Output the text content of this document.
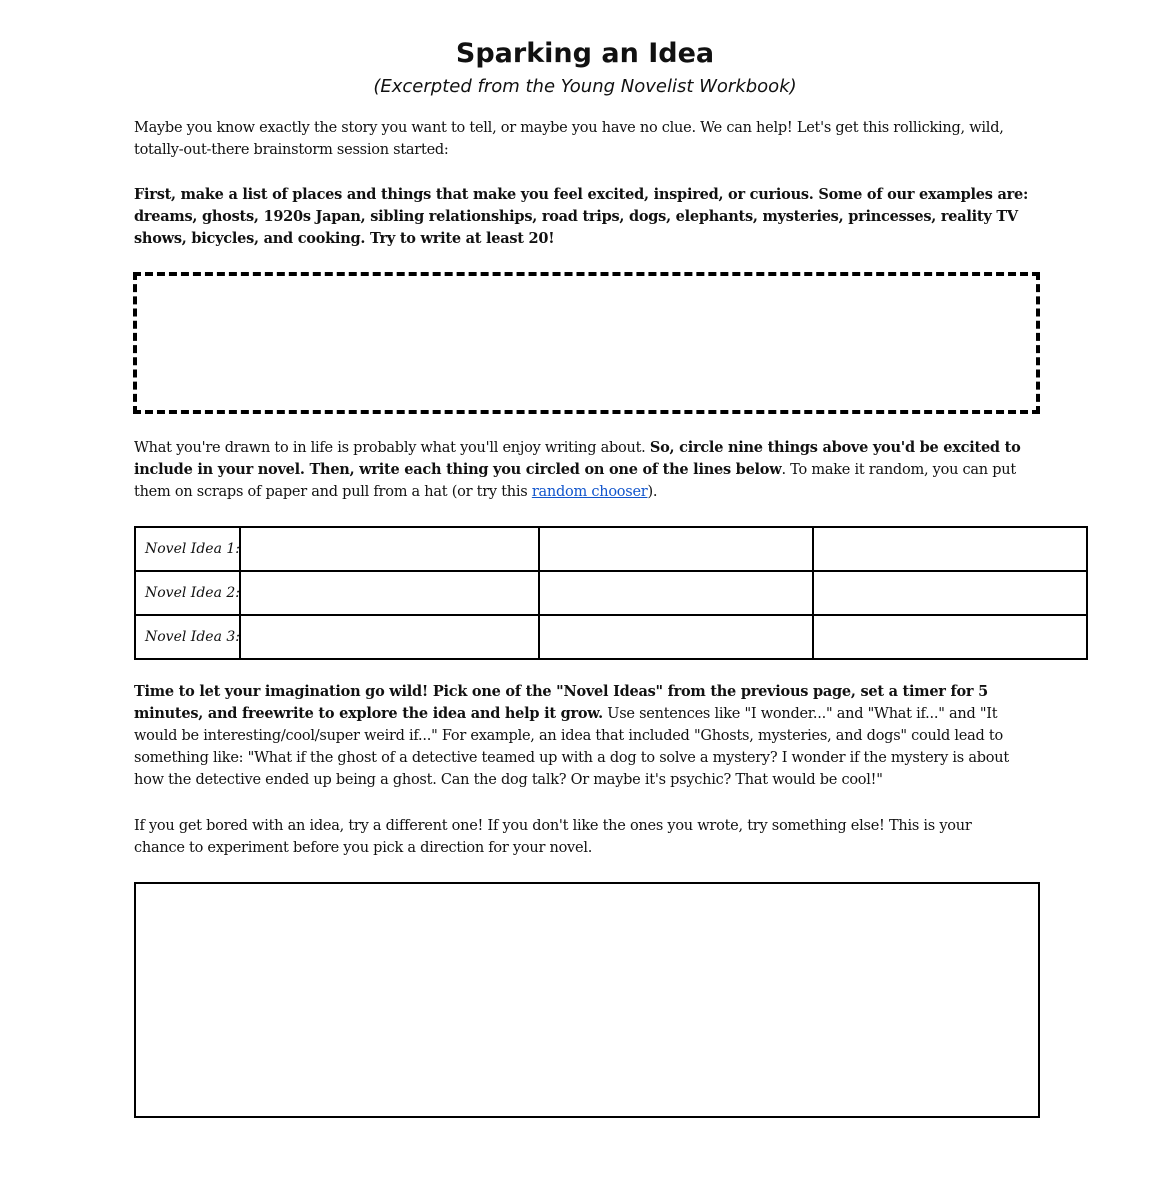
Sparking an Idea
(Excerpted from the Young Novelist Workbook)

Maybe you know exactly the story you want to tell, or maybe you have no clue. We can help! Let's get this rollicking, wild, totally-out-there brainstorm session started:

First, make a list of places and things that make you feel excited, inspired, or curious. Some of our examples are: dreams, ghosts, 1920s Japan, sibling relationships, road trips, dogs, elephants, mysteries, princesses, reality TV shows, bicycles, and cooking. Try to write at least 20!

What you're drawn to in life is probably what you'll enjoy writing about. So, circle nine things above you'd be excited to include in your novel. Then, write each thing you circled on one of the lines below. To make it random, you can put them on scraps of paper and pull from a hat (or try this random chooser).

Novel Idea 1:			
Novel Idea 2:			
Novel Idea 3:			

Time to let your imagination go wild! Pick one of the "Novel Ideas" from the previous page, set a timer for 5 minutes, and freewrite to explore the idea and help it grow. Use sentences like "I wonder..." and "What if..." and "It would be interesting/cool/super weird if..." For example, an idea that included "Ghosts, mysteries, and dogs" could lead to something like: "What if the ghost of a detective teamed up with a dog to solve a mystery? I wonder if the mystery is about how the detective ended up being a ghost. Can the dog talk? Or maybe it's psychic? That would be cool!"

If you get bored with an idea, try a different one! If you don't like the ones you wrote, try something else! This is your chance to experiment before you pick a direction for your novel.
